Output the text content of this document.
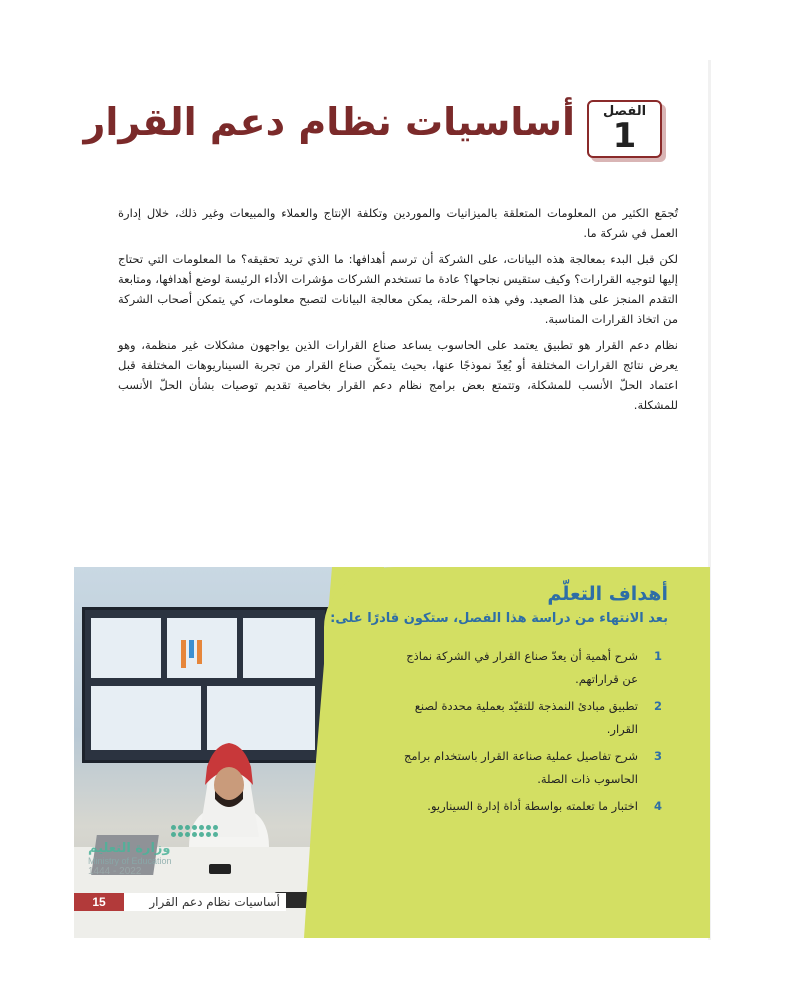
الفصل
1
أساسيات نظام دعم القرار

تُجمَع الكثير من المعلومات المتعلقة بالميزانيات والموردين وتكلفة الإنتاج والعملاء والمبيعات وغير ذلك، خلال إدارة العمل في شركة ما.

لكن قبل البدء بمعالجة هذه البيانات، على الشركة أن ترسم أهدافها: ما الذي تريد تحقيقه؟ ما المعلومات التي تحتاج إليها لتوجيه القرارات؟ وكيف ستقيس نجاحها؟ عادة ما تستخدم الشركات مؤشرات الأداء الرئيسة لوضع أهدافها، ومتابعة التقدم المنجز على هذا الصعيد. وفي هذه المرحلة، يمكن معالجة البيانات لتصبح معلومات، كي يتمكن أصحاب الشركة من اتخاذ القرارات المناسبة.

نظام دعم القرار هو تطبيق يعتمد على الحاسوب يساعد صناع القرارات الذين يواجهون مشكلات غير منظمة، وهو يعرض نتائج القرارات المختلفة أو يُعِدّ نموذجًا عنها، بحيث يتمكّن صناع القرار من تجربة السيناريوهات المختلفة قبل اعتماد الحلّ الأنسب للمشكلة، وتتمتع بعض برامج نظام دعم القرار بخاصية تقديم توصيات بشأن الحلّ الأنسب للمشكلة.

وزارة التعليم
Ministry of Education
2022 - 1444
15	أساسيات نظام دعم القرار
أهداف التعلّم
بعد الانتهاء من دراسة هذا الفصل، ستكون قادرًا على:
1
شرح أهمية أن يعدّ صناع القرار في الشركة نماذج عن قراراتهم.
2
تطبيق مبادئ النمذجة للتقيّد بعملية محددة لصنع القرار.
3
شرح تفاصيل عملية صناعة القرار باستخدام برامج الحاسوب ذات الصلة.
4
اختبار ما تعلمته بواسطة أداة إدارة السيناريو.
